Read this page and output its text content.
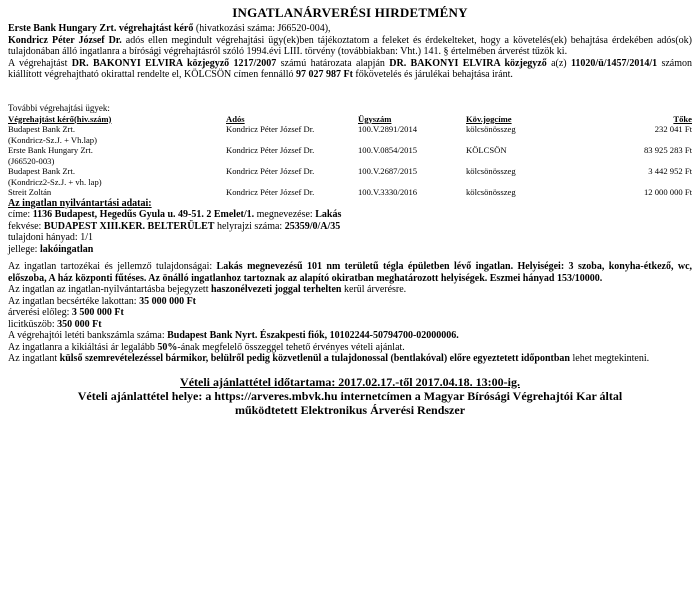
INGATLANÁRVERÉSI HIRDETMÉNY

Erste Bank Hungary Zrt. végrehajtást kérő (hivatkozási száma: J66520-004),
Kondricz Péter József Dr. adós ellen megindult végrehajtási ügy(ek)ben tájékoztatom a feleket és érdekelteket, hogy a követelés(ek) behajtása érdekében adós(ok) tulajdonában álló ingatlanra a bírósági végrehajtásról szóló 1994.évi LIII. törvény (továbbiakban: Vht.) 141. § értelmében árverést tűzök ki.

A végrehajtást DR. BAKONYI ELVIRA közjegyző 1217/2007 számú határozata alapján DR. BAKONYI ELVIRA közjegyző a(z) 11020/ü/1457/2014/1 számon kiállított végrehajtható okirattal rendelte el, KÖLCSÖN címen fennálló 97 027 987 Ft főkövetelés és járulékai behajtása iránt.

További végrehajtási ügyek:
Végrehajtást kérő(hiv.szám)	Adós	Ügyszám	Köv.jogcíme	Tőke
Budapest Bank Zrt.
(Kondricz-Sz.J. + Vh.lap)	Kondricz Péter József Dr.	100.V.2891/2014	kölcsönösszeg	232 041 Ft
Erste Bank Hungary Zrt.
(J66520-003)	Kondricz Péter József Dr.	100.V.0854/2015	KÖLCSÖN	83 925 283 Ft
Budapest Bank Zrt.
(Kondricz2-Sz.J. + vh. lap)	Kondricz Péter József Dr.	100.V.2687/2015	kölcsönösszeg	3 442 952 Ft
Streit Zoltán	Kondricz Péter József Dr.	100.V.3330/2016	kölcsönösszeg	12 000 000 Ft
Az ingatlan nyilvántartási adatai:
címe: 1136 Budapest, Hegedűs Gyula u. 49-51. 2 Emelet/1. megnevezése: Lakás
fekvése: BUDAPEST XIII.KER. BELTERÜLET helyrajzi száma: 25359/0/A/35
tulajdoni hányad: 1/1
jellege: lakóingatlan

Az ingatlan tartozékai és jellemző tulajdonságai: Lakás megnevezésű 101 nm területű tégla épületben lévő ingatlan. Helyiségei: 3 szoba, konyha-étkező, wc, előszoba, A ház központi fűtéses. Az önálló ingatlanhoz tartoznak az alapító okiratban meghatározott helyiségek. Eszmei hányad 153/10000.

Az ingatlan az ingatlan-nyilvántartásba bejegyzett haszonélvezeti joggal terhelten kerül árverésre.
Az ingatlan becsértéke lakottan: 35 000 000 Ft
árverési előleg: 3 500 000 Ft
licitküszöb: 350 000 Ft
A végrehajtói letéti bankszámla száma: Budapest Bank Nyrt. Északpesti fiók, 10102244-50794700-02000006.
Az ingatlanra a kikiáltási ár legalább 50%-ának megfelelő összeggel tehető érvényes vételi ajánlat.

Az ingatlant külső szemrevételezéssel bármikor, belülről pedig közvetlenül a tulajdonossal (bentlakóval) előre egyeztetett időpontban lehet megtekinteni.

Vételi ajánlattétel időtartama: 2017.02.17.-től 2017.04.18. 13:00-ig.
Vételi ajánlattétel helye: a https://arveres.mbvk.hu internetcímen a Magyar Bírósági Végrehajtói Kar által
működtetett Elektronikus Árverési Rendszer
